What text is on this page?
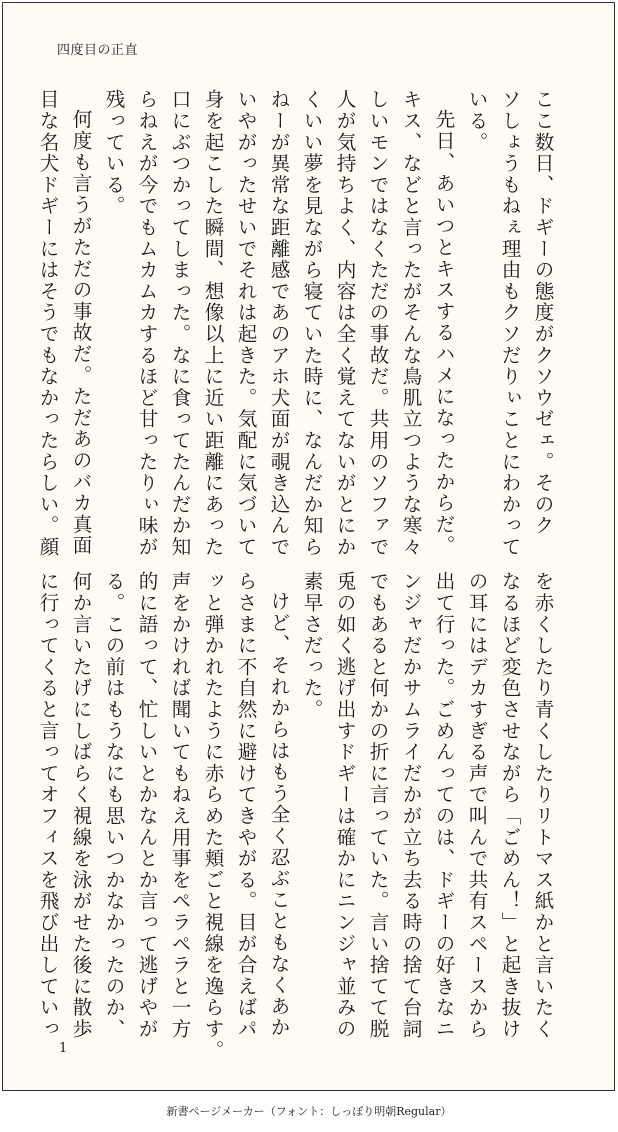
四度目の正直

ここ数日、ドギーの態度がクソウゼェ。そのク

ソしょうもねぇ理由もクソだりぃことにわかって

いる。

先日、あいつとキスするハメになったからだ。

キス、などと言ったがそんな鳥肌立つような寒々

しいモンではなくただの事故だ。共用のソファで

人が気持ちよく、内容は全く覚えてないがとにか

くいい夢を見ながら寝ていた時に、なんだか知ら

ねーが異常な距離感であのアホ犬面が覗き込んで

いやがったせいでそれは起きた。気配に気づいて

身を起こした瞬間、想像以上に近い距離にあった

口にぶつかってしまった。なに食ってたんだか知

らねえが今でもムカムカするほど甘ったりぃ味が

残っている。

何度も言うがただの事故だ。ただあのバカ真面

目な名犬ドギーにはそうでもなかったらしい。顔

を赤くしたり青くしたりリトマス紙かと言いたく

なるほど変色させながら「ごめん！」と起き抜け

の耳にはデカすぎる声で叫んで共有スペースから

出て行った。ごめんってのは、ドギーの好きなニ

ンジャだかサムライだかが立ち去る時の捨て台詞

でもあると何かの折に言っていた。言い捨てて脱

兎の如く逃げ出すドギーは確かにニンジャ並みの

素早さだった。

けど、それからはもう全く忍ぶこともなくあか

らさまに不自然に避けてきやがる。目が合えばパ

ッと弾かれたように赤らめた頬ごと視線を逸らす。

声をかければ聞いてもねえ用事をペラペラと一方

的に語って、忙しいとかなんとか言って逃げやが

る。この前はもうなにも思いつかなかったのか、

何か言いたげにしばらく視線を泳がせた後に散歩

に行ってくると言ってオフィスを飛び出していっ

1
新書ページメーカー（フォント：しっぽり明朝Regular）
